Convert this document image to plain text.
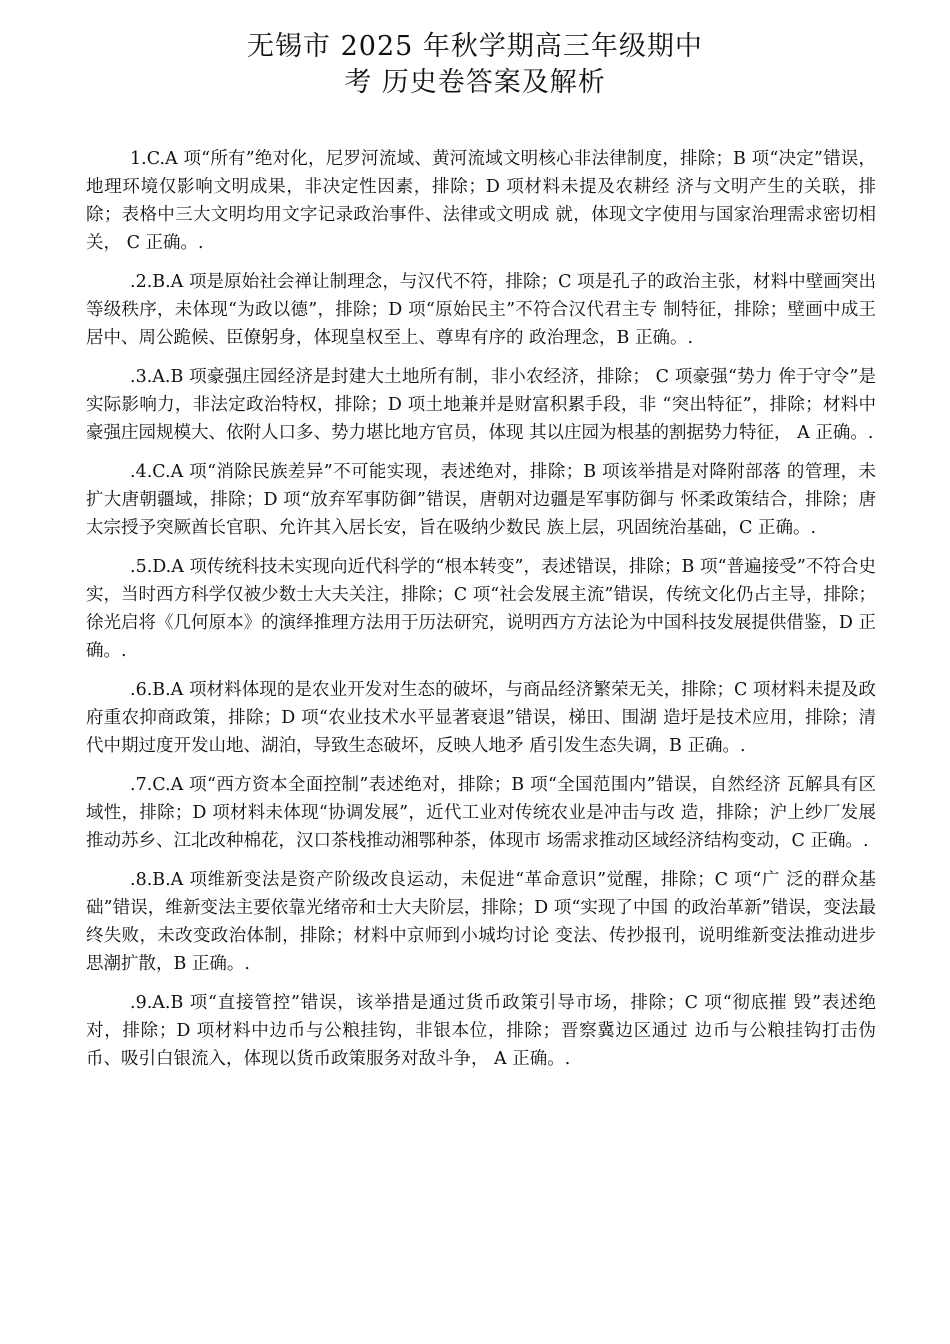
无锡市 2025 年秋学期高三年级期中
考 历史卷答案及解析

1.C.A 项“所有”绝对化，尼罗河流域、黄河流域文明核心非法律制度，排除；B 项“决定”错误，地理环境仅影响文明成果，非决定性因素，排除；D 项材料未提及农耕经 济与文明产生的关联，排除；表格中三大文明均用文字记录政治事件、法律或文明成 就，体现文字使用与国家治理需求密切相关， C 正确。.

.2.B.A 项是原始社会禅让制理念，与汉代不符，排除；C 项是孔子的政治主张，材料中壁画突出等级秩序，未体现“为政以德”，排除；D 项“原始民主”不符合汉代君主专 制特征，排除；壁画中成王居中、周公跪候、臣僚躬身，体现皇权至上、尊卑有序的 政治理念，B 正确。.

.3.A.B 项豪强庄园经济是封建大土地所有制，非小农经济，排除； C 项豪强“势力 侔于守令”是实际影响力，非法定政治特权，排除；D 项土地兼并是财富积累手段，非 “突出特征”，排除；材料中豪强庄园规模大、依附人口多、势力堪比地方官员，体现 其以庄园为根基的割据势力特征， A 正确。.

.4.C.A 项“消除民族差异”不可能实现，表述绝对，排除；B 项该举措是对降附部落 的管理，未扩大唐朝疆域，排除；D 项“放弃军事防御”错误，唐朝对边疆是军事防御与 怀柔政策结合，排除；唐太宗授予突厥酋长官职、允许其入居长安，旨在吸纳少数民 族上层，巩固统治基础，C 正确。.

.5.D.A 项传统科技未实现向近代科学的“根本转变”，表述错误，排除；B 项“普遍接受”不符合史实，当时西方科学仅被少数士大夫关注，排除；C 项“社会发展主流”错误，传统文化仍占主导，排除；徐光启将《几何原本》的演绎推理方法用于历法研究，说明西方方法论为中国科技发展提供借鉴，D 正确。.

.6.B.A 项材料体现的是农业开发对生态的破坏，与商品经济繁荣无关，排除；C 项材料未提及政府重农抑商政策，排除；D 项“农业技术水平显著衰退”错误，梯田、围湖 造圩是技术应用，排除；清代中期过度开发山地、湖泊，导致生态破坏，反映人地矛 盾引发生态失调，B 正确。.

.7.C.A 项“西方资本全面控制”表述绝对，排除；B 项“全国范围内”错误，自然经济 瓦解具有区域性，排除；D 项材料未体现“协调发展”，近代工业对传统农业是冲击与改 造，排除；沪上纱厂发展推动苏乡、江北改种棉花，汉口茶栈推动湘鄂种茶，体现市 场需求推动区域经济结构变动，C 正确。.

.8.B.A 项维新变法是资产阶级改良运动，未促进“革命意识”觉醒，排除；C 项“广 泛的群众基础”错误，维新变法主要依靠光绪帝和士大夫阶层，排除；D 项“实现了中国 的政治革新”错误，变法最终失败，未改变政治体制，排除；材料中京师到小城均讨论 变法、传抄报刊，说明维新变法推动进步思潮扩散，B 正确。.

.9.A.B 项“直接管控”错误，该举措是通过货币政策引导市场，排除；C 项“彻底摧 毁”表述绝对，排除；D 项材料中边币与公粮挂钩，非银本位，排除；晋察冀边区通过 边币与公粮挂钩打击伪币、吸引白银流入，体现以货币政策服务对敌斗争， A 正确。.
